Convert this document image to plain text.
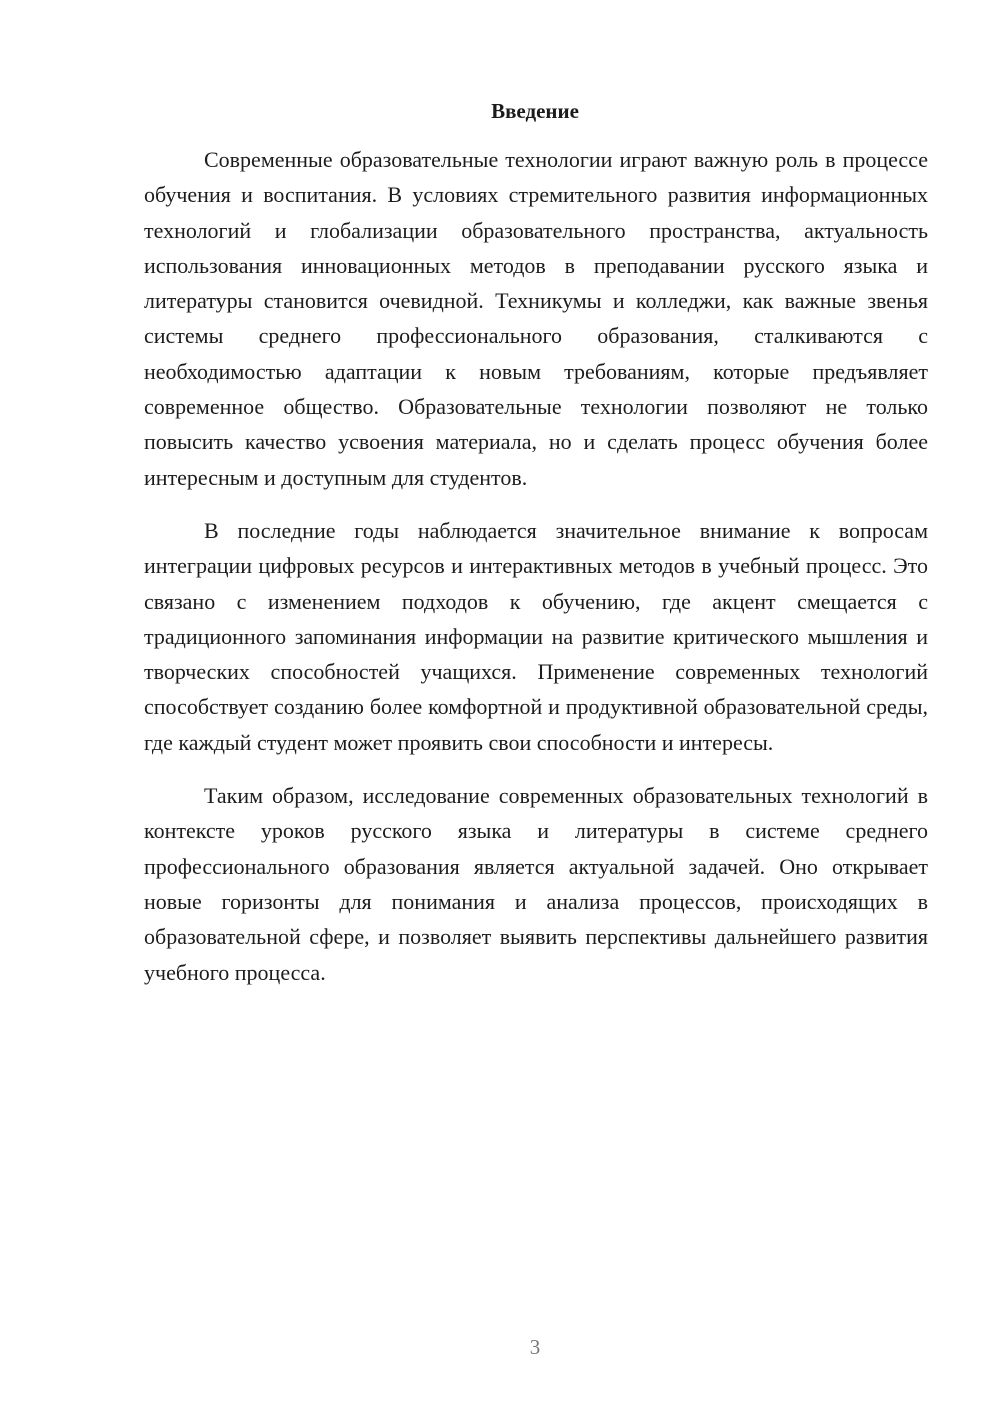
Введение

Современные образовательные технологии играют важную роль в процессе обучения и воспитания. В условиях стремительного развития информационных технологий и глобализации образовательного пространства, актуальность использования инновационных методов в преподавании русского языка и литературы становится очевидной. Техникумы и колледжи, как важные звенья системы среднего профессионального образования, сталкиваются с необходимостью адаптации к новым требованиям, которые предъявляет современное общество. Образовательные технологии позволяют не только повысить качество усвоения материала, но и сделать процесс обучения более интересным и доступным для студентов.

В последние годы наблюдается значительное внимание к вопросам интеграции цифровых ресурсов и интерактивных методов в учебный процесс. Это связано с изменением подходов к обучению, где акцент смещается с традиционного запоминания информации на развитие критического мышления и творческих способностей учащихся. Применение современных технологий способствует созданию более комфортной и продуктивной образовательной среды, где каждый студент может проявить свои способности и интересы.

Таким образом, исследование современных образовательных технологий в контексте уроков русского языка и литературы в системе среднего профессионального образования является актуальной задачей. Оно открывает новые горизонты для понимания и анализа процессов, происходящих в образовательной сфере, и позволяет выявить перспективы дальнейшего развития учебного процесса.

3
